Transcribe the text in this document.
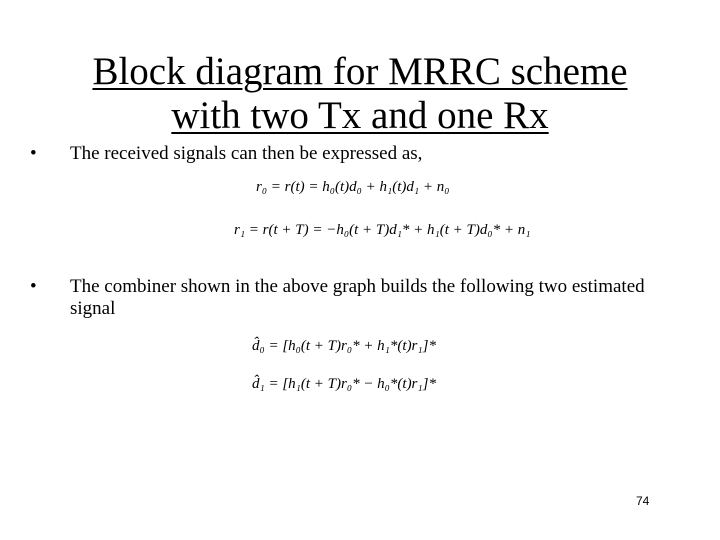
Block diagram for MRRC scheme
with two Tx and one Rx
• The received signals can then be expressed as,
r₀ = r(t) = h₀(t)d₀ + h₁(t)d₁ + n₀
r₁ = r(t + T) = −h₀(t + T)d₁* + h₁(t + T)d₀* + n₁
• The combiner shown in the above graph builds the following two estimated signal
d̂₀ = [h₀(t + T)r₀* + h₁*(t)r₁]*
d̂₁ = [h₁(t + T)r₀* − h₀*(t)r₁]*
74
